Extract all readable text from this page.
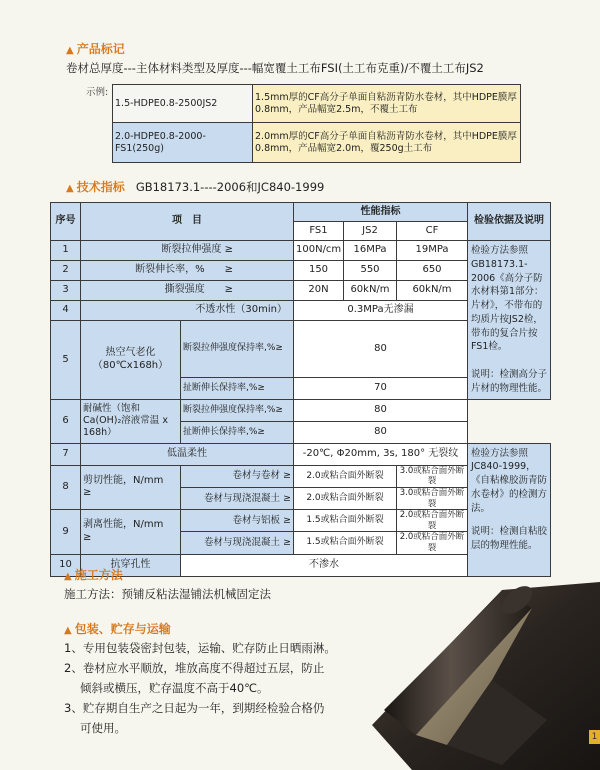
▲ 产品标记
卷材总厚度---主体材料类型及厚度---幅宽覆土工布FSI(土工布克重)/不覆土工布JS2
示例:
1.5-HDPE0.8-2500JS2	1.5mm厚的CF高分子单面自粘沥青防水卷材，其中HDPE膜厚0.8mm，产品幅宽2.5m，不覆土工布
2.0-HDPE0.8-2000-FS1(250g)	2.0mm厚的CF高分子单面自粘沥青防水卷材，其中HDPE膜厚0.8mm，产品幅宽2.0m，覆250g土工布
▲ 技术指标 GB18173.1----2006和JC840-1999
序号	项　目		性能指标			检验依据及说明
			FS1	JS2	CF	
1	断裂拉伸强度 ≥		100N/cm	16MPa	19MPa	检验方法参照GB18173.1-2006《高分子防水材料第1部分：片材》，不带布的均质片按JS2检，带布的复合片按FS1检。
说明：检测高分子片材的物理性能。

2	断裂伸长率，%　　≥		150	550	650	
3	撕裂强度　　≥		20N	60kN/m	60kN/m	
4	不透水性（30min）		0.3MPa无渗漏			
5	热空气老化（80℃x168h）	断裂拉伸强度保持率,%≥	80			
		扯断伸长保持率,%≥	70			
6	耐碱性（饱和Ca(OH)₂溶液常温 x 168h）	断裂拉伸强度保持率,%≥	80			
		扯断伸长保持率,%≥	80			
7	低温柔性		-20℃, Φ20mm, 3s, 180° 无裂纹			检验方法参照JC840-1999，《自粘橡胶沥青防水卷材》的检测方法。
说明：检测自粘胶层的物理性能。

8	剪切性能，N/mm　≥	卷材与卷材 ≥	2.0或粘合面外断裂		3.0或粘合面外断裂	
		卷材与现浇混凝土 ≥	2.0或粘合面外断裂		3.0或粘合面外断裂	
9	剥离性能，N/mm　≥	卷材与铝板 ≥	1.5或粘合面外断裂		2.0或粘合面外断裂	
		卷材与现浇混凝土 ≥	1.5或粘合面外断裂		2.0或粘合面外断裂	
10	抗穿孔性	不渗水				
▲ 施工方法
施工方法：预铺反粘法湿铺法机械固定法
▲ 包装、贮存与运输
1、专用包装袋密封包装，运输、贮存防止日晒雨淋。
2、卷材应水平顺放，堆放高度不得超过五层，防止
倾斜或横压，贮存温度不高于40℃。
3、贮存期自生产之日起为一年，到期经检验合格仍
可使用。
1
